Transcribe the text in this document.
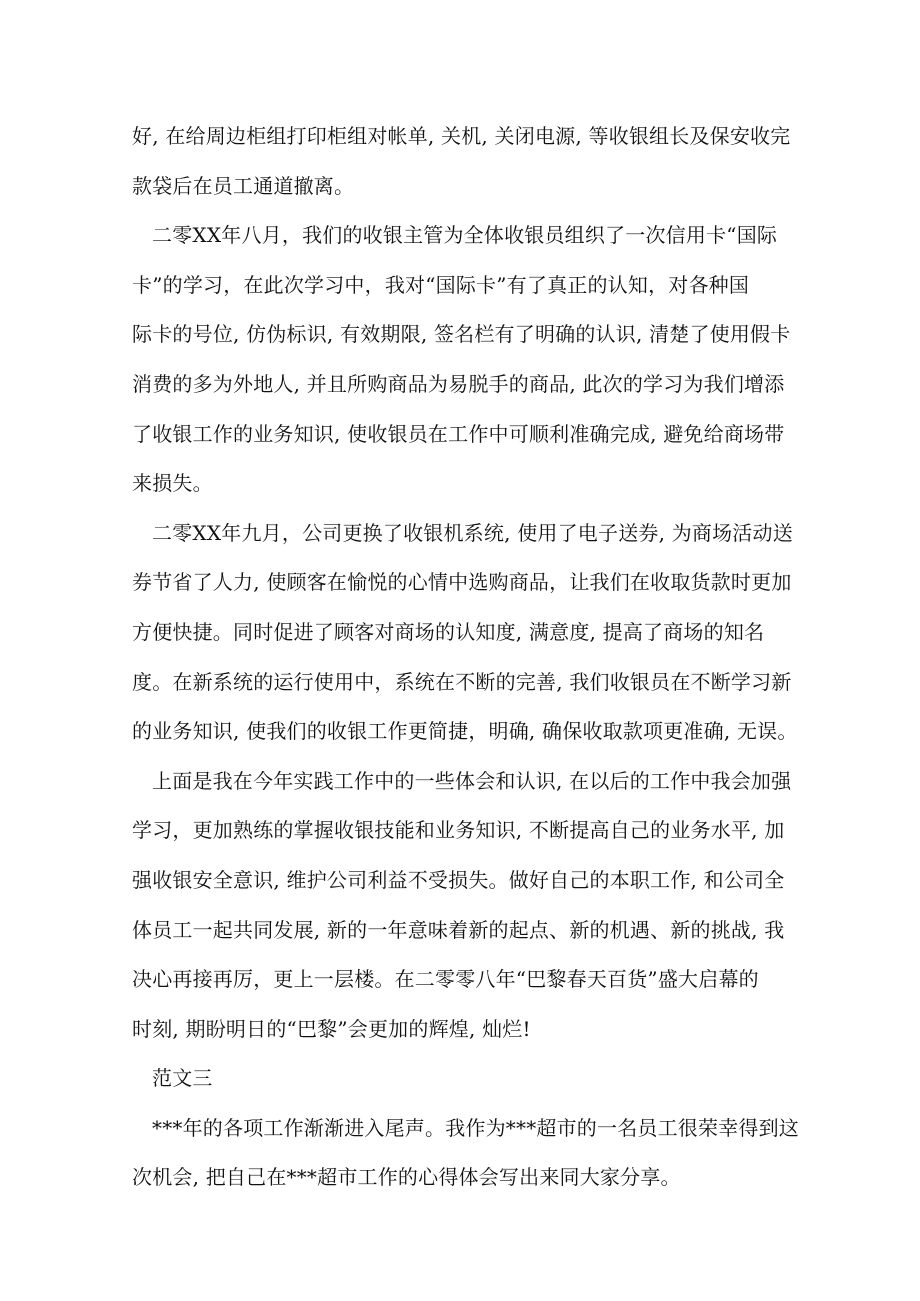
好, 在给周边柜组打印柜组对帐单, 关机, 关闭电源, 等收银组长及保安收完
款袋后在员工通道撤离。
二零XX年八月，我们的收银主管为全体收银员组织了一次信用卡“国际
卡”的学习，在此次学习中，我对“国际卡”有了真正的认知，对各种国
际卡的号位, 仿伪标识, 有效期限, 签名栏有了明确的认识, 清楚了使用假卡
消费的多为外地人, 并且所购商品为易脱手的商品, 此次的学习为我们增添
了收银工作的业务知识, 使收银员在工作中可顺利准确完成, 避免给商场带
来损失。
二零XX年九月，公司更换了收银机系统, 使用了电子送券, 为商场活动送
券节省了人力, 使顾客在愉悦的心情中选购商品，让我们在收取货款时更加
方便快捷。同时促进了顾客对商场的认知度, 满意度, 提高了商场的知名
度。在新系统的运行使用中，系统在不断的完善, 我们收银员在不断学习新
的业务知识, 使我们的收银工作更简捷，明确, 确保收取款项更准确, 无误。
上面是我在今年实践工作中的一些体会和认识, 在以后的工作中我会加强
学习，更加熟练的掌握收银技能和业务知识, 不断提高自己的业务水平, 加
强收银安全意识, 维护公司利益不受损失。做好自己的本职工作, 和公司全
体员工一起共同发展, 新的一年意味着新的起点、新的机遇、新的挑战, 我
决心再接再厉，更上一层楼。在二零零八年“巴黎春天百货”盛大启幕的
时刻, 期盼明日的“巴黎”会更加的辉煌, 灿烂!
范文三
***年的各项工作渐渐进入尾声。我作为***超市的一名员工很荣幸得到这
次机会, 把自己在***超市工作的心得体会写出来同大家分享。
